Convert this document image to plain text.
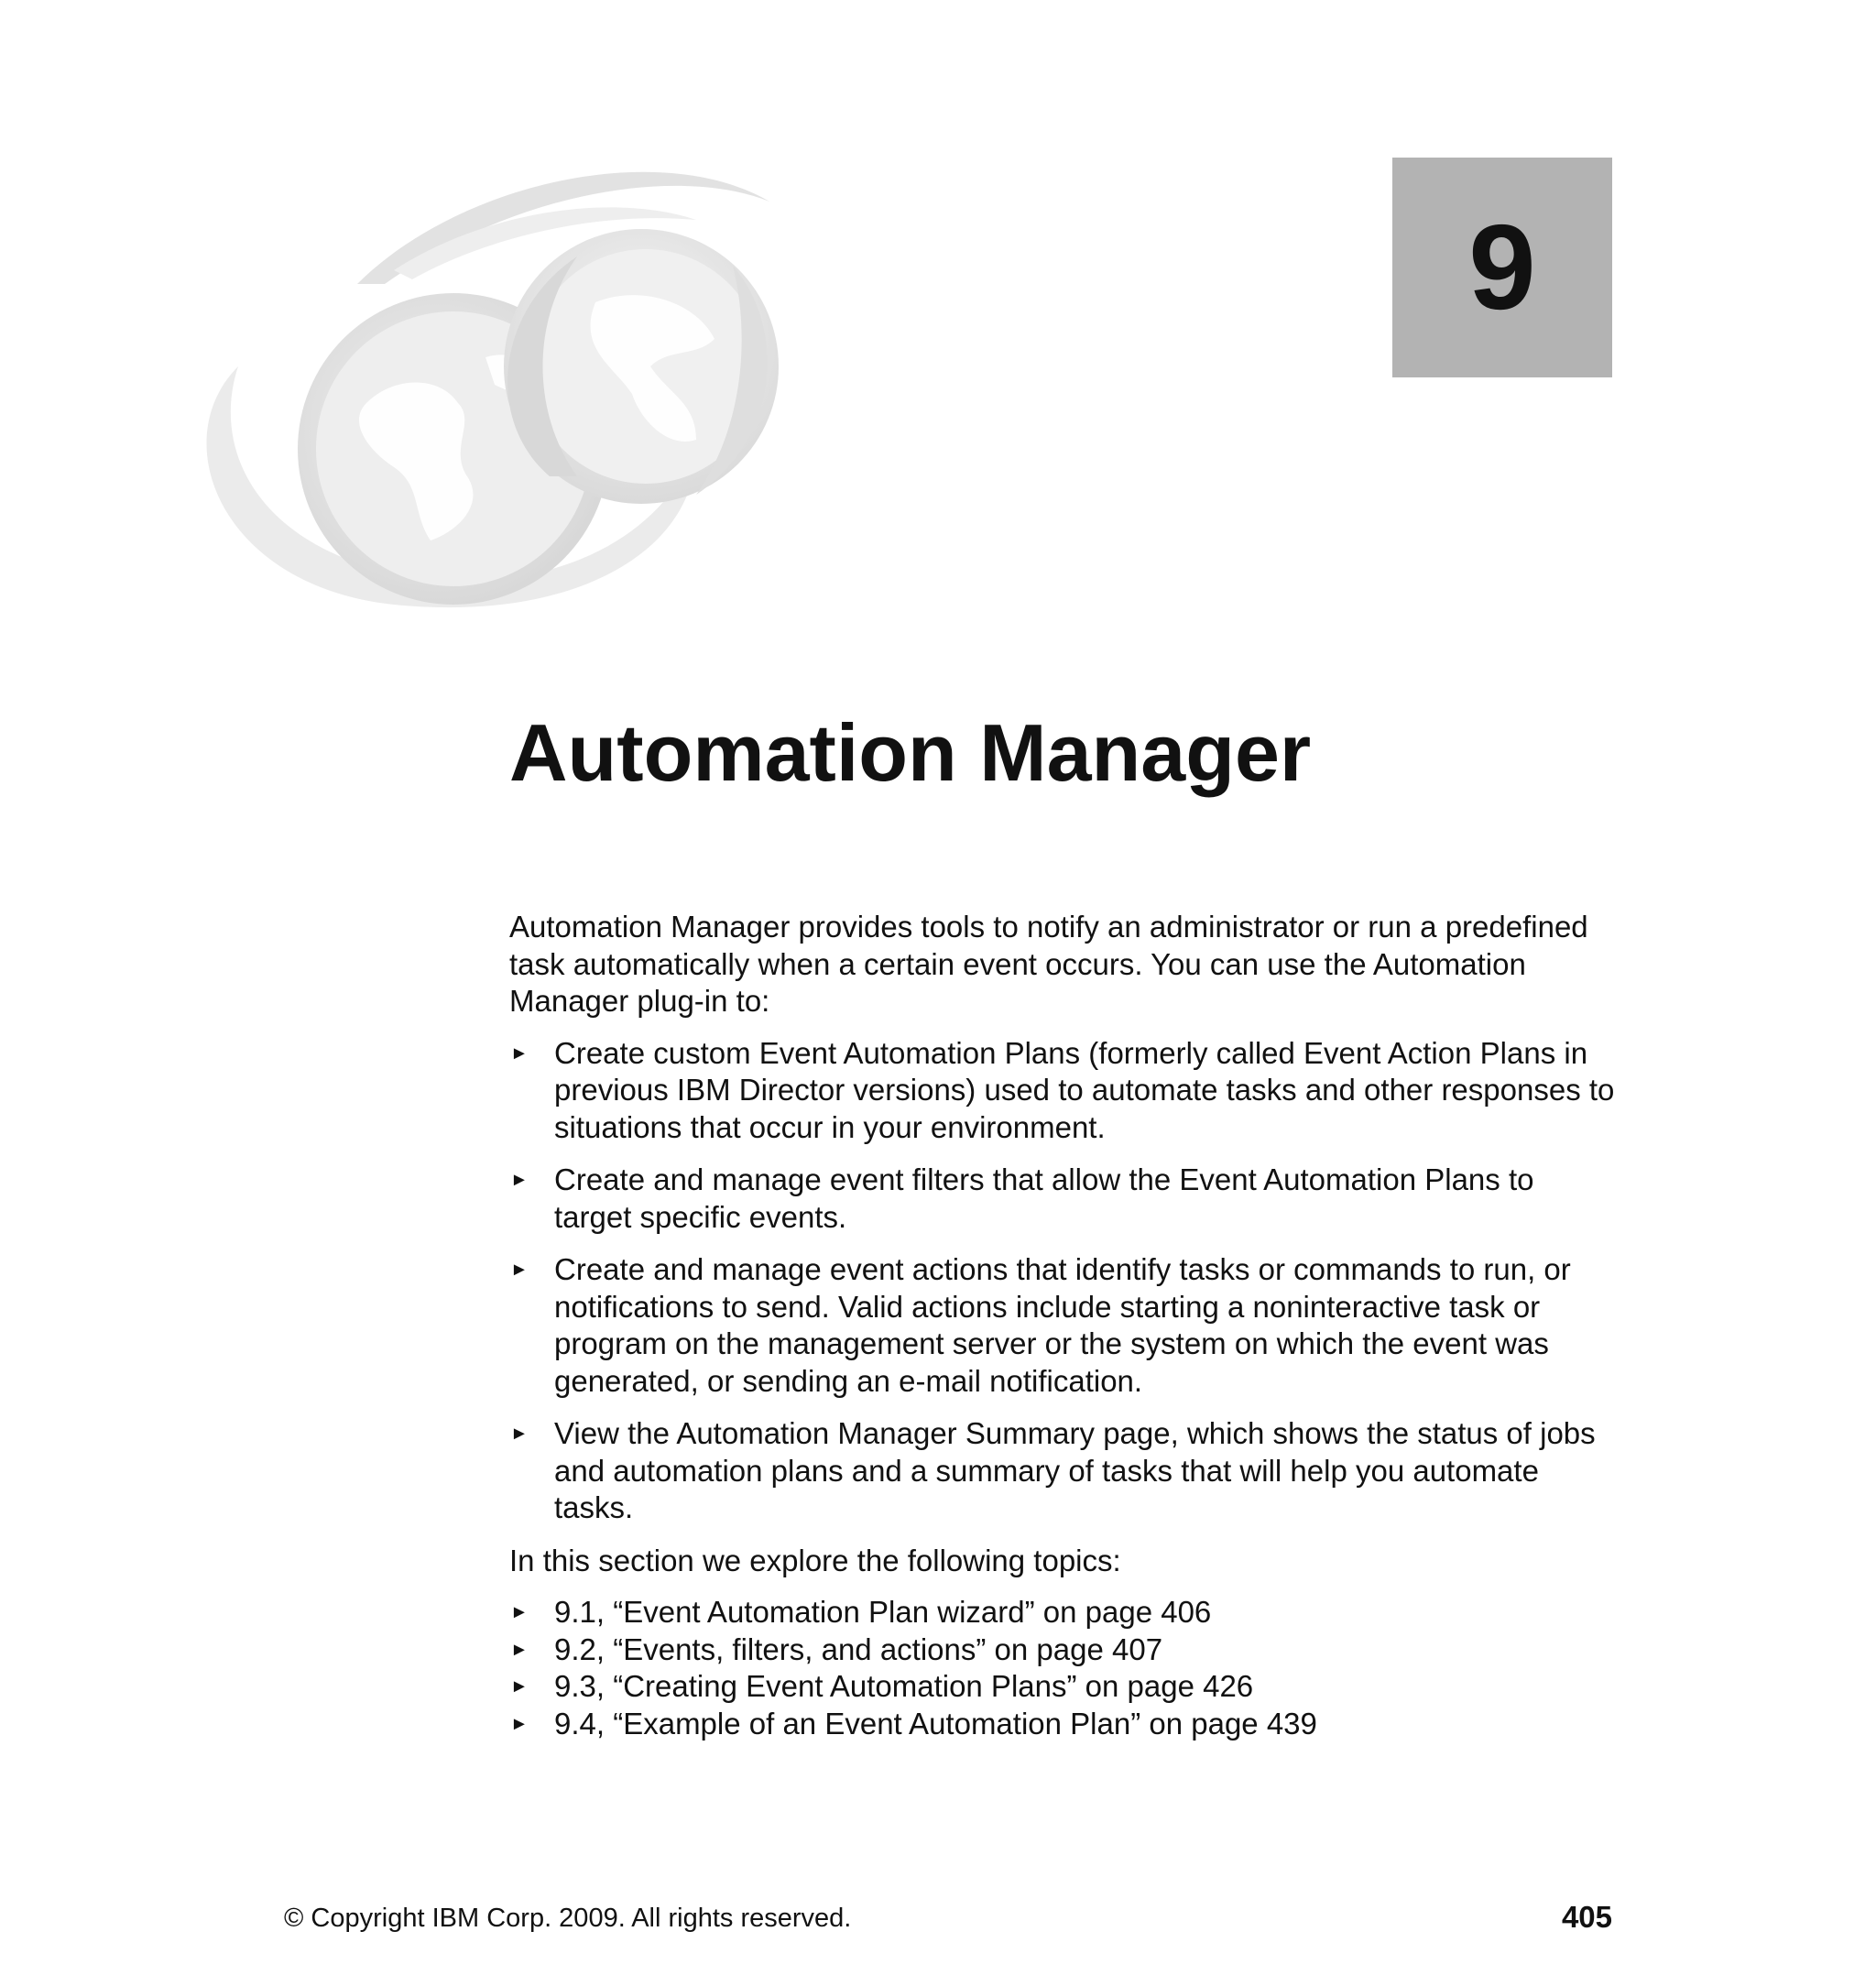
9
Automation Manager

Automation Manager provides tools to notify an administrator or run a predefined task automatically when a certain event occurs. You can use the Automation Manager plug-in to:

► Create custom Event Automation Plans (formerly called Event Action Plans in previous IBM Director versions) used to automate tasks and other responses to situations that occur in your environment.
► Create and manage event filters that allow the Event Automation Plans to target specific events.
► Create and manage event actions that identify tasks or commands to run, or notifications to send. Valid actions include starting a noninteractive task or program on the management server or the system on which the event was generated, or sending an e-mail notification.
► View the Automation Manager Summary page, which shows the status of jobs and automation plans and a summary of tasks that will help you automate tasks.

In this section we explore the following topics:

► 9.1, “Event Automation Plan wizard” on page 406
► 9.2, “Events, filters, and actions” on page 407
► 9.3, “Creating Event Automation Plans” on page 426
► 9.4, “Example of an Event Automation Plan” on page 439
© Copyright IBM Corp. 2009. All rights reserved.	405
